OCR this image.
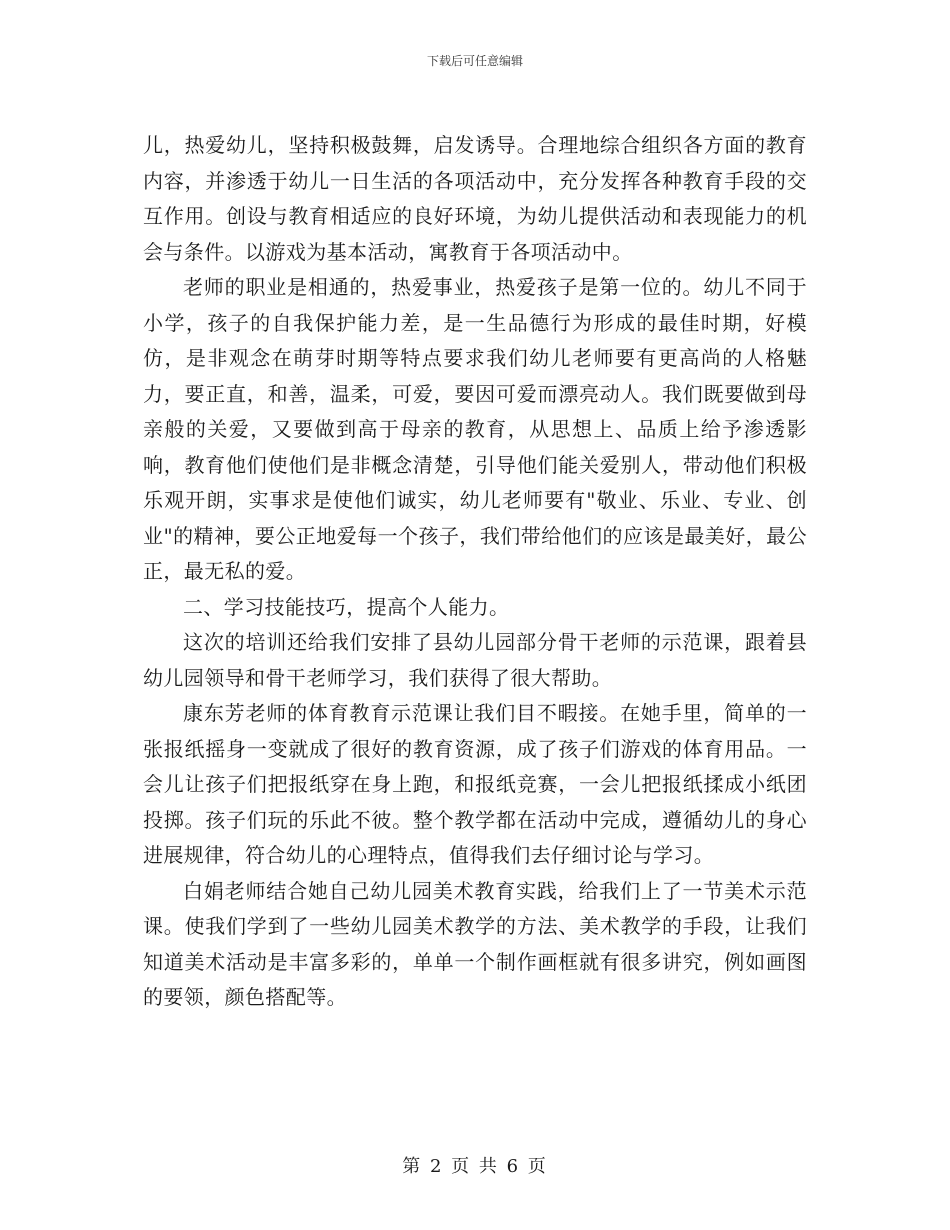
下载后可任意编辑

儿，热爱幼儿，坚持积极鼓舞，启发诱导。合理地综合组织各方面的教育内容，并渗透于幼儿一日生活的各项活动中，充分发挥各种教育手段的交互作用。创设与教育相适应的良好环境，为幼儿提供活动和表现能力的机会与条件。以游戏为基本活动，寓教育于各项活动中。

老师的职业是相通的，热爱事业，热爱孩子是第一位的。幼儿不同于小学，孩子的自我保护能力差，是一生品德行为形成的最佳时期，好模仿，是非观念在萌芽时期等特点要求我们幼儿老师要有更高尚的人格魅力，要正直，和善，温柔，可爱，要因可爱而漂亮动人。我们既要做到母亲般的关爱，又要做到高于母亲的教育，从思想上、品质上给予渗透影响，教育他们使他们是非概念清楚，引导他们能关爱别人，带动他们积极乐观开朗，实事求是使他们诚实，幼儿老师要有"敬业、乐业、专业、创业"的精神，要公正地爱每一个孩子，我们带给他们的应该是最美好，最公正，最无私的爱。

二、学习技能技巧，提高个人能力。

这次的培训还给我们安排了县幼儿园部分骨干老师的示范课，跟着县幼儿园领导和骨干老师学习，我们获得了很大帮助。

康东芳老师的体育教育示范课让我们目不暇接。在她手里，简单的一张报纸摇身一变就成了很好的教育资源，成了孩子们游戏的体育用品。一会儿让孩子们把报纸穿在身上跑，和报纸竞赛，一会儿把报纸揉成小纸团投掷。孩子们玩的乐此不彼。整个教学都在活动中完成，遵循幼儿的身心进展规律，符合幼儿的心理特点，值得我们去仔细讨论与学习。

白娟老师结合她自己幼儿园美术教育实践，给我们上了一节美术示范课。使我们学到了一些幼儿园美术教学的方法、美术教学的手段，让我们知道美术活动是丰富多彩的，单单一个制作画框就有很多讲究，例如画图的要领，颜色搭配等。

第 2 页 共 6 页
